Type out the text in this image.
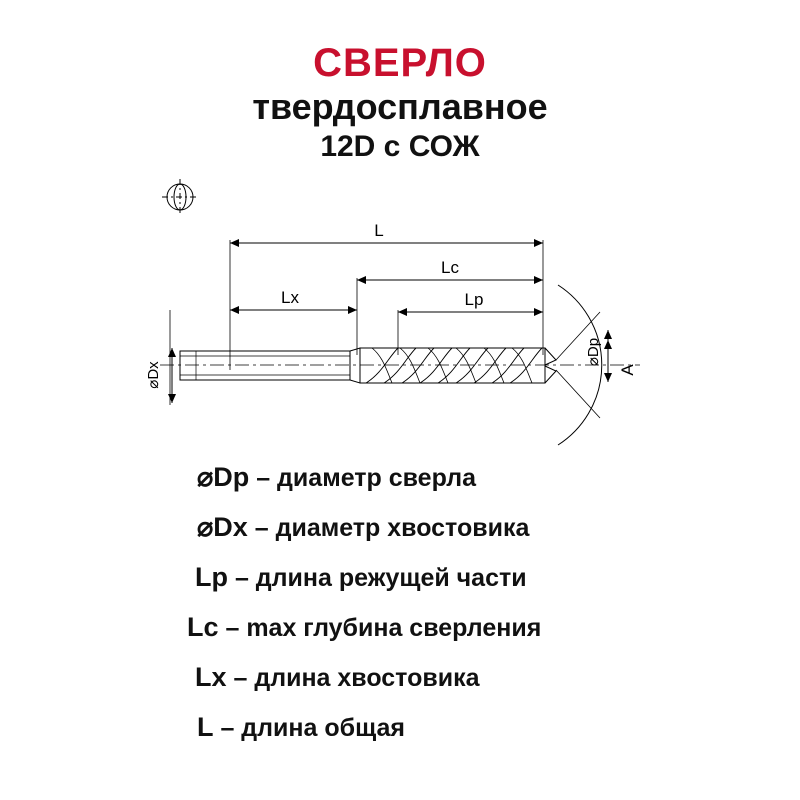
СВЕРЛО
твердосплавное
12D с СОЖ
L
Lc
Lx	Lp
⌀Dx
⌀Dp
A
⌀Dp – диаметр сверла
⌀Dx – диаметр хвостовика
Lp – длина режущей части
Lc – max глубина сверления
Lx – длина хвостовика
L – длина общая
